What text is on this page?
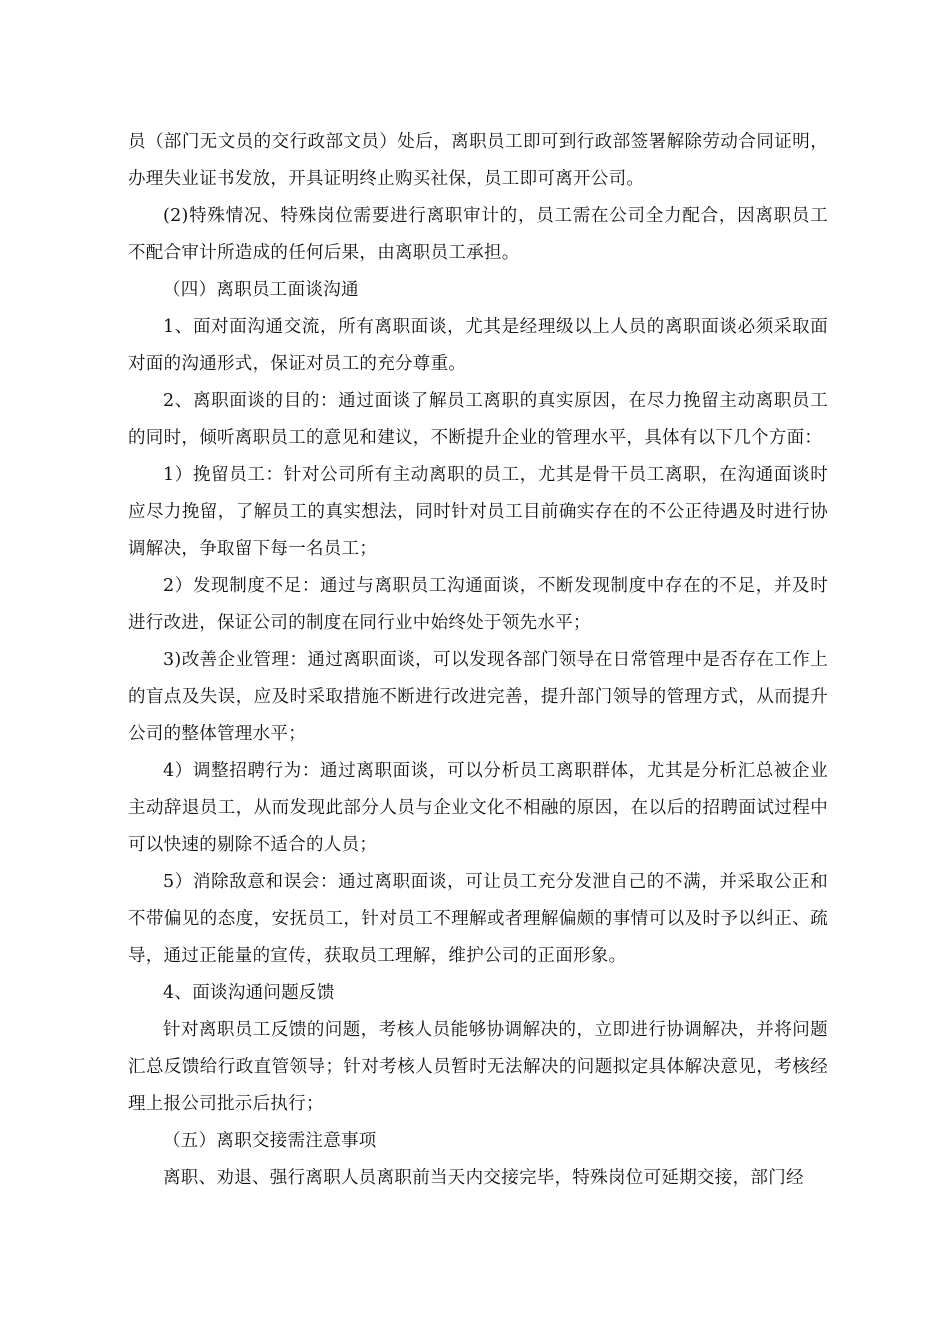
员（部门无文员的交行政部文员）处后，离职员工即可到行政部签署解除劳动合同证明，办理失业证书发放，开具证明终止购买社保，员工即可离开公司。

(2)特殊情况、特殊岗位需要进行离职审计的，员工需在公司全力配合，因离职员工不配合审计所造成的任何后果，由离职员工承担。

（四）离职员工面谈沟通

1、面对面沟通交流，所有离职面谈，尤其是经理级以上人员的离职面谈必须采取面对面的沟通形式，保证对员工的充分尊重。

2、离职面谈的目的：通过面谈了解员工离职的真实原因，在尽力挽留主动离职员工的同时，倾听离职员工的意见和建议，不断提升企业的管理水平，具体有以下几个方面：

1）挽留员工：针对公司所有主动离职的员工，尤其是骨干员工离职，在沟通面谈时应尽力挽留，了解员工的真实想法，同时针对员工目前确实存在的不公正待遇及时进行协调解决，争取留下每一名员工；

2）发现制度不足：通过与离职员工沟通面谈，不断发现制度中存在的不足，并及时进行改进，保证公司的制度在同行业中始终处于领先水平；

3)改善企业管理：通过离职面谈，可以发现各部门领导在日常管理中是否存在工作上的盲点及失误，应及时采取措施不断进行改进完善，提升部门领导的管理方式，从而提升公司的整体管理水平；

4）调整招聘行为：通过离职面谈，可以分析员工离职群体，尤其是分析汇总被企业主动辞退员工，从而发现此部分人员与企业文化不相融的原因，在以后的招聘面试过程中可以快速的剔除不适合的人员；

5）消除敌意和误会：通过离职面谈，可让员工充分发泄自己的不满，并采取公正和不带偏见的态度，安抚员工，针对员工不理解或者理解偏颇的事情可以及时予以纠正、疏导，通过正能量的宣传，获取员工理解，维护公司的正面形象。

4、面谈沟通问题反馈

针对离职员工反馈的问题，考核人员能够协调解决的，立即进行协调解决，并将问题汇总反馈给行政直管领导；针对考核人员暂时无法解决的问题拟定具体解决意见，考核经理上报公司批示后执行；

（五）离职交接需注意事项

离职、劝退、强行离职人员离职前当天内交接完毕，特殊岗位可延期交接，部门经
